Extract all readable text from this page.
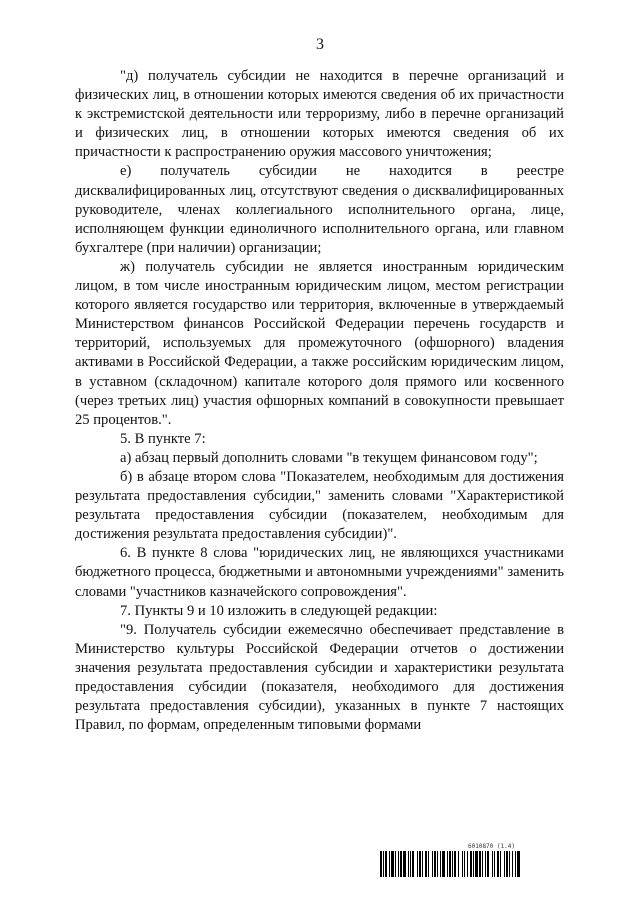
3

"д) получатель субсидии не находится в перечне организаций и физических лиц, в отношении которых имеются сведения об их причастности к экстремистской деятельности или терроризму, либо в перечне организаций и физических лиц, в отношении которых имеются сведения об их причастности к распространению оружия массового уничтожения;

е) получатель субсидии не находится в реестре дисквалифицированных лиц, отсутствуют сведения о дисквалифицированных руководителе, членах коллегиального исполнительного органа, лице, исполняющем функции единоличного исполнительного органа, или главном бухгалтере (при наличии) организации;

ж) получатель субсидии не является иностранным юридическим лицом, в том числе иностранным юридическим лицом, местом регистрации которого является государство или территория, включенные в утверждаемый Министерством финансов Российской Федерации перечень государств и территорий, используемых для промежуточного (офшорного) владения активами в Российской Федерации, а также российским юридическим лицом, в уставном (складочном) капитале которого доля прямого или косвенного (через третьих лиц) участия офшорных компаний в совокупности превышает 25 процентов.".

5. В пункте 7:

а) абзац первый дополнить словами "в текущем финансовом году";

б) в абзаце втором слова "Показателем, необходимым для достижения результата предоставления субсидии," заменить словами "Характеристикой результата предоставления субсидии (показателем, необходимым для достижения результата предоставления субсидии)".

6. В пункте 8 слова "юридических лиц, не являющихся участниками бюджетного процесса, бюджетными и автономными учреждениями" заменить словами "участников казначейского сопровождения".

7. Пункты 9 и 10 изложить в следующей редакции:

"9. Получатель субсидии ежемесячно обеспечивает представление в Министерство культуры Российской Федерации отчетов о достижении значения результата предоставления субсидии и характеристики результата предоставления субсидии (показателя, необходимого для достижения результата предоставления субсидии), указанных в пункте 7 настоящих Правил, по формам, определенным типовыми формами

6010870 (1.4)
